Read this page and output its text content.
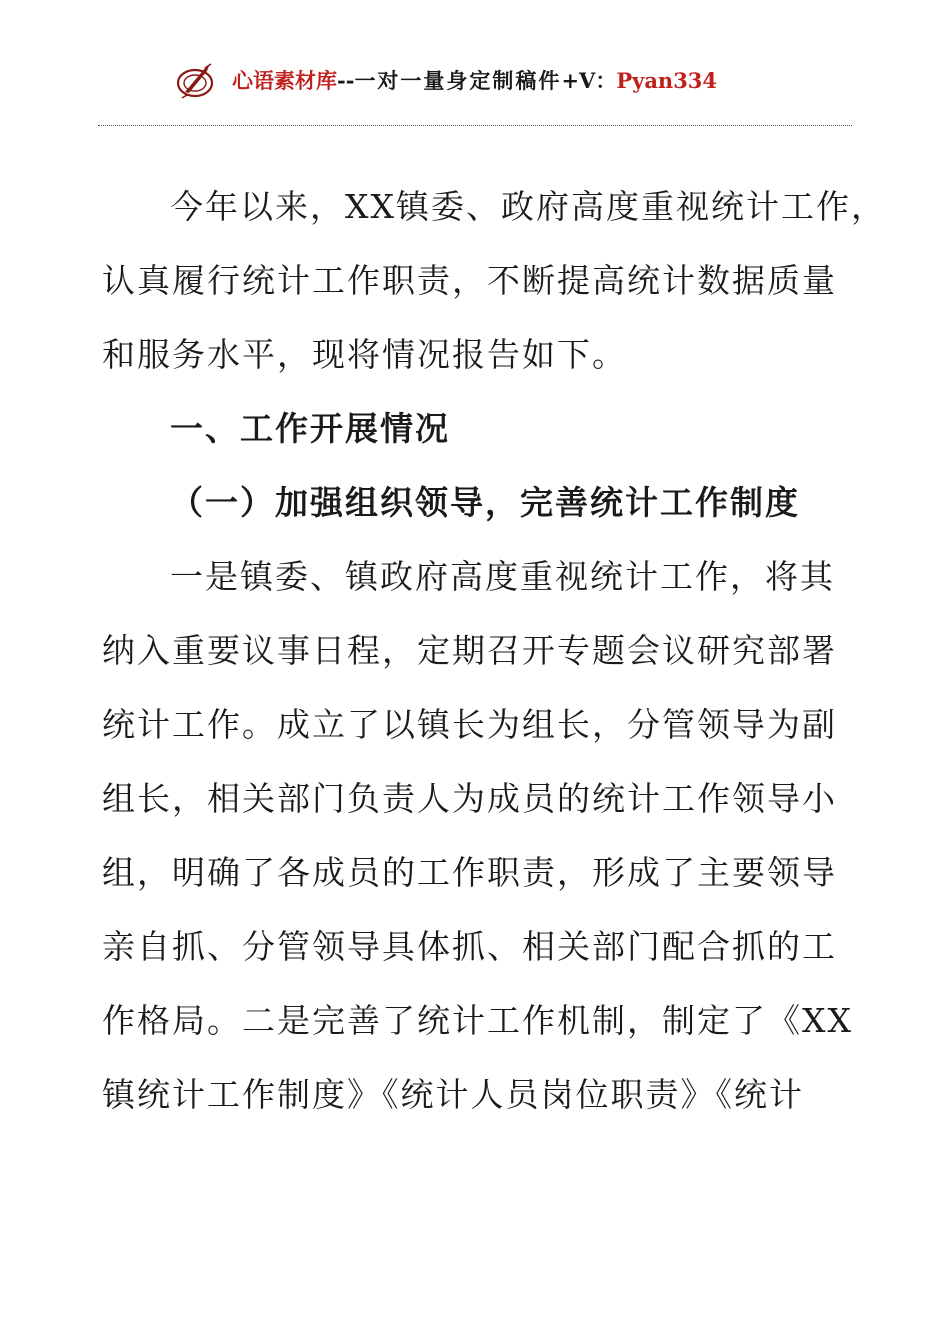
心语素材库--一对一量身定制稿件+V：Pyan334
今年以来，XX镇委、政府高度重视统计工作，
认真履行统计工作职责，不断提高统计数据质量
和服务水平，现将情况报告如下。
一、工作开展情况
（一）加强组织领导，完善统计工作制度
一是镇委、镇政府高度重视统计工作，将其
纳入重要议事日程，定期召开专题会议研究部署
统计工作。成立了以镇长为组长，分管领导为副
组长，相关部门负责人为成员的统计工作领导小
组，明确了各成员的工作职责，形成了主要领导
亲自抓、分管领导具体抓、相关部门配合抓的工
作格局。二是完善了统计工作机制，制定了《XX
镇统计工作制度》《统计人员岗位职责》《统计
